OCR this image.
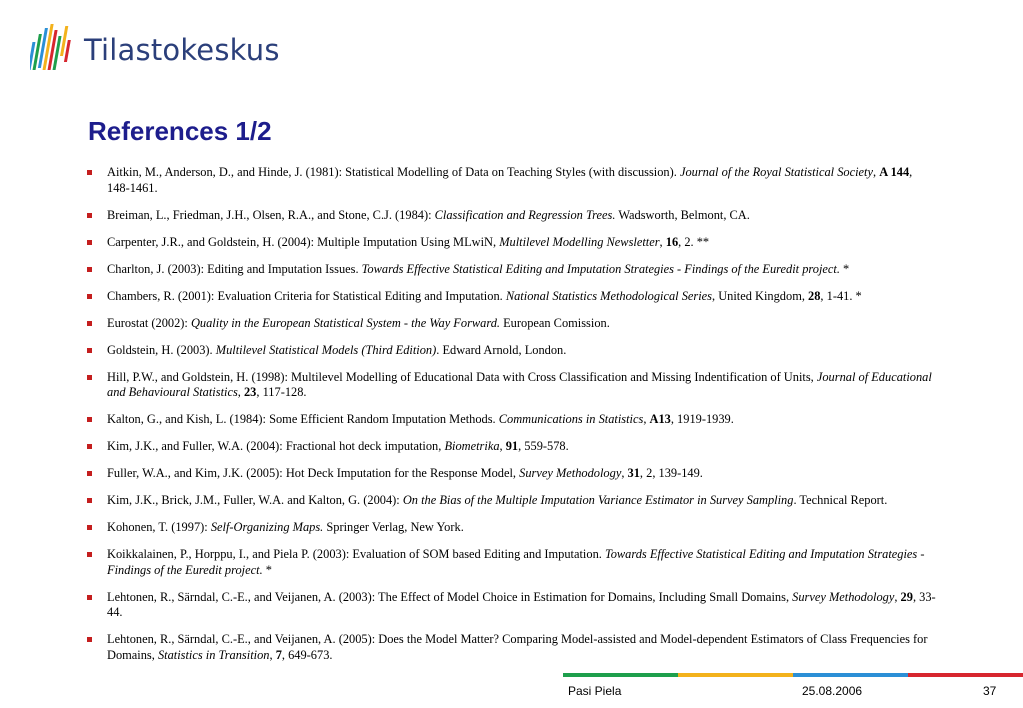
Tilastokeskus
References 1/2
Aitkin, M., Anderson, D., and Hinde, J. (1981): Statistical Modelling of Data on Teaching Styles (with discussion). Journal of the Royal Statistical Society, A 144, 148-1461.
Breiman, L., Friedman, J.H., Olsen, R.A., and Stone, C.J. (1984): Classification and Regression Trees. Wadsworth, Belmont, CA.
Carpenter, J.R., and Goldstein, H. (2004): Multiple Imputation Using MLwiN, Multilevel Modelling Newsletter, 16, 2. **
Charlton, J. (2003): Editing and Imputation Issues. Towards Effective Statistical Editing and Imputation Strategies - Findings of the Euredit project. *
Chambers, R. (2001): Evaluation Criteria for Statistical Editing and Imputation. National Statistics Methodological Series, United Kingdom, 28, 1-41. *
Eurostat (2002): Quality in the European Statistical System - the Way Forward. European Comission.
Goldstein, H. (2003). Multilevel Statistical Models (Third Edition). Edward Arnold, London.
Hill, P.W., and Goldstein, H. (1998): Multilevel Modelling of Educational Data with Cross Classification and Missing Indentification of Units, Journal of Educational and Behavioural Statistics, 23, 117-128.
Kalton, G., and Kish, L. (1984): Some Efficient Random Imputation Methods. Communications in Statistics, A13, 1919-1939.
Kim, J.K., and Fuller, W.A. (2004): Fractional hot deck imputation, Biometrika, 91, 559-578.
Fuller, W.A., and Kim, J.K. (2005): Hot Deck Imputation for the Response Model, Survey Methodology, 31, 2, 139-149.
Kim, J.K., Brick, J.M., Fuller, W.A. and Kalton, G. (2004): On the Bias of the Multiple Imputation Variance Estimator in Survey Sampling. Technical Report.
Kohonen, T. (1997): Self-Organizing Maps. Springer Verlag, New York.
Koikkalainen, P., Horppu, I., and Piela P. (2003): Evaluation of SOM based Editing and Imputation. Towards Effective Statistical Editing and Imputation Strategies - Findings of the Euredit project. *
Lehtonen, R., Särndal, C.-E., and Veijanen, A. (2003): The Effect of Model Choice in Estimation for Domains, Including Small Domains, Survey Methodology, 29, 33-44.
Lehtonen, R., Särndal, C.-E., and Veijanen, A. (2005): Does the Model Matter? Comparing Model-assisted and Model-dependent Estimators of Class Frequencies for Domains, Statistics in Transition, 7, 649-673.
Pasi Piela	25.08.2006	37
